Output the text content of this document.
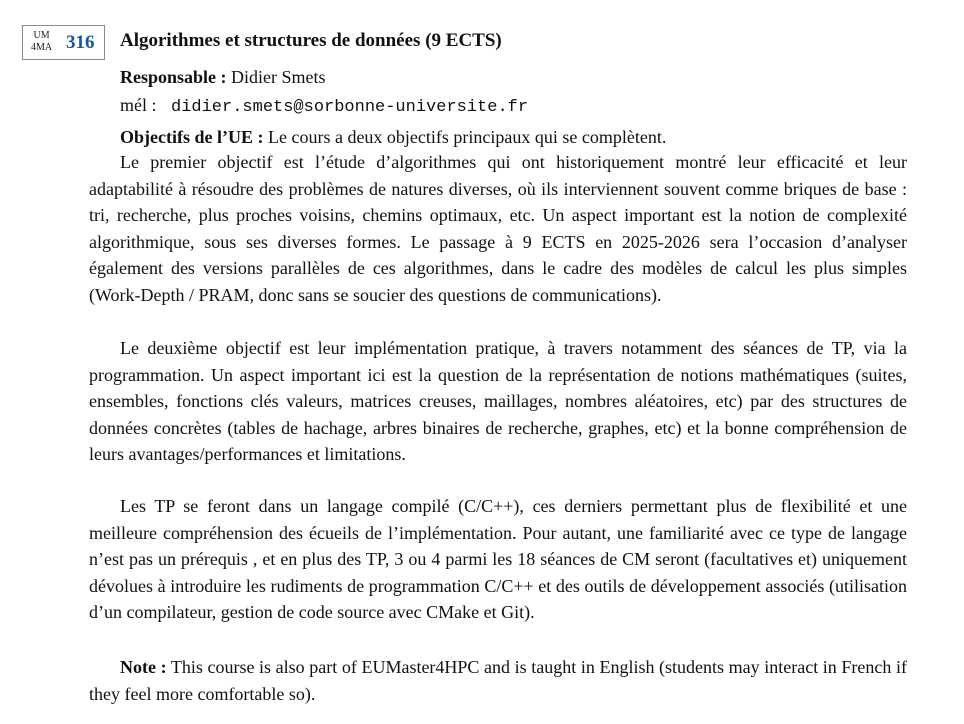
UM
4MA 316 Algorithmes et structures de données (9 ECTS)
Responsable : Didier Smets
mél : didier.smets@sorbonne-universite.fr
Objectifs de l’UE : Le cours a deux objectifs principaux qui se complètent.
Le premier objectif est l’étude d’algorithmes qui ont historiquement montré leur efficacité et leur adaptabilité à résoudre des problèmes de natures diverses, où ils interviennent souvent comme briques de base : tri, recherche, plus proches voisins, chemins optimaux, etc. Un aspect important est la notion de complexité algorithmique, sous ses diverses formes. Le passage à 9 ECTS en 2025-2026 sera l’occasion d’analyser également des versions parallèles de ces algorithmes, dans le cadre des modèles de calcul les plus simples (Work-Depth / PRAM, donc sans se soucier des questions de communications).
Le deuxième objectif est leur implémentation pratique, à travers notamment des séances de TP, via la programmation. Un aspect important ici est la question de la représentation de notions mathématiques (suites, ensembles, fonctions clés valeurs, matrices creuses, maillages, nombres aléatoires, etc) par des structures de données concrètes (tables de hachage, arbres binaires de recherche, graphes, etc) et la bonne compréhension de leurs avantages/performances et limitations.
Les TP se feront dans un langage compilé (C/C++), ces derniers permettant plus de flexibilité et une meilleure compréhension des écueils de l’implémentation. Pour autant, une familiarité avec ce type de langage n’est pas un prérequis , et en plus des TP, 3 ou 4 parmi les 18 séances de CM seront (facultatives et) uniquement dévolues à introduire les rudiments de programmation C/C++ et des outils de développement associés (utilisation d’un compilateur, gestion de code source avec CMake et Git).
Note : This course is also part of EUMaster4HPC and is taught in English (students may interact in French if they feel more comfortable so).
